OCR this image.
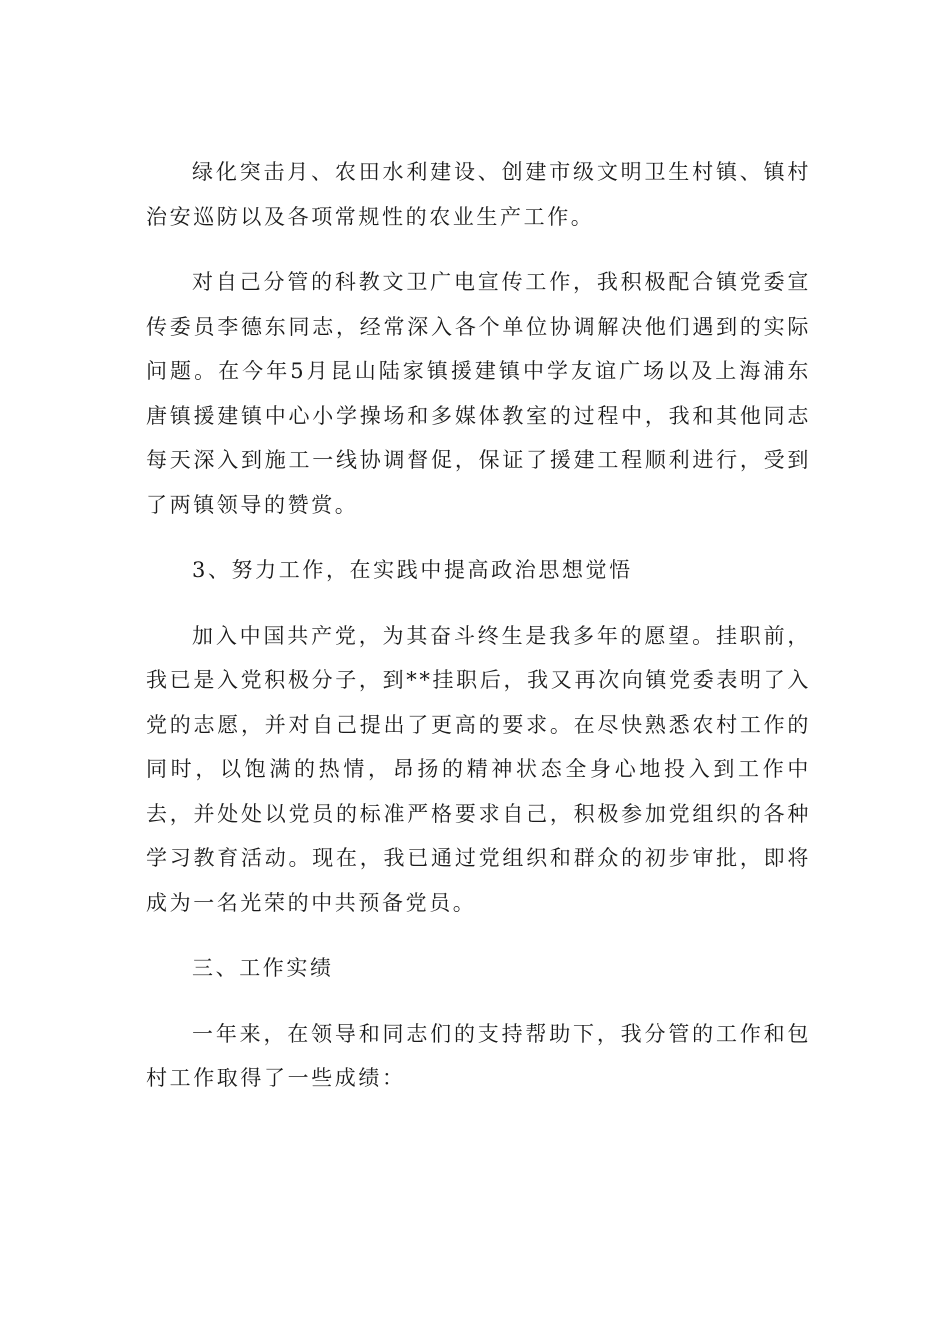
绿化突击月、农田水利建设、创建市级文明卫生村镇、镇村治安巡防以及各项常规性的农业生产工作。

对自己分管的科教文卫广电宣传工作，我积极配合镇党委宣传委员李德东同志，经常深入各个单位协调解决他们遇到的实际问题。在今年5月昆山陆家镇援建镇中学友谊广场以及上海浦东唐镇援建镇中心小学操场和多媒体教室的过程中，我和其他同志每天深入到施工一线协调督促，保证了援建工程顺利进行，受到了两镇领导的赞赏。

3、努力工作，在实践中提高政治思想觉悟

加入中国共产党，为其奋斗终生是我多年的愿望。挂职前，我已是入党积极分子，到**挂职后，我又再次向镇党委表明了入党的志愿，并对自己提出了更高的要求。在尽快熟悉农村工作的同时，以饱满的热情，昂扬的精神状态全身心地投入到工作中去，并处处以党员的标准严格要求自己，积极参加党组织的各种学习教育活动。现在，我已通过党组织和群众的初步审批，即将成为一名光荣的中共预备党员。

三、工作实绩

一年来，在领导和同志们的支持帮助下，我分管的工作和包村工作取得了一些成绩：
